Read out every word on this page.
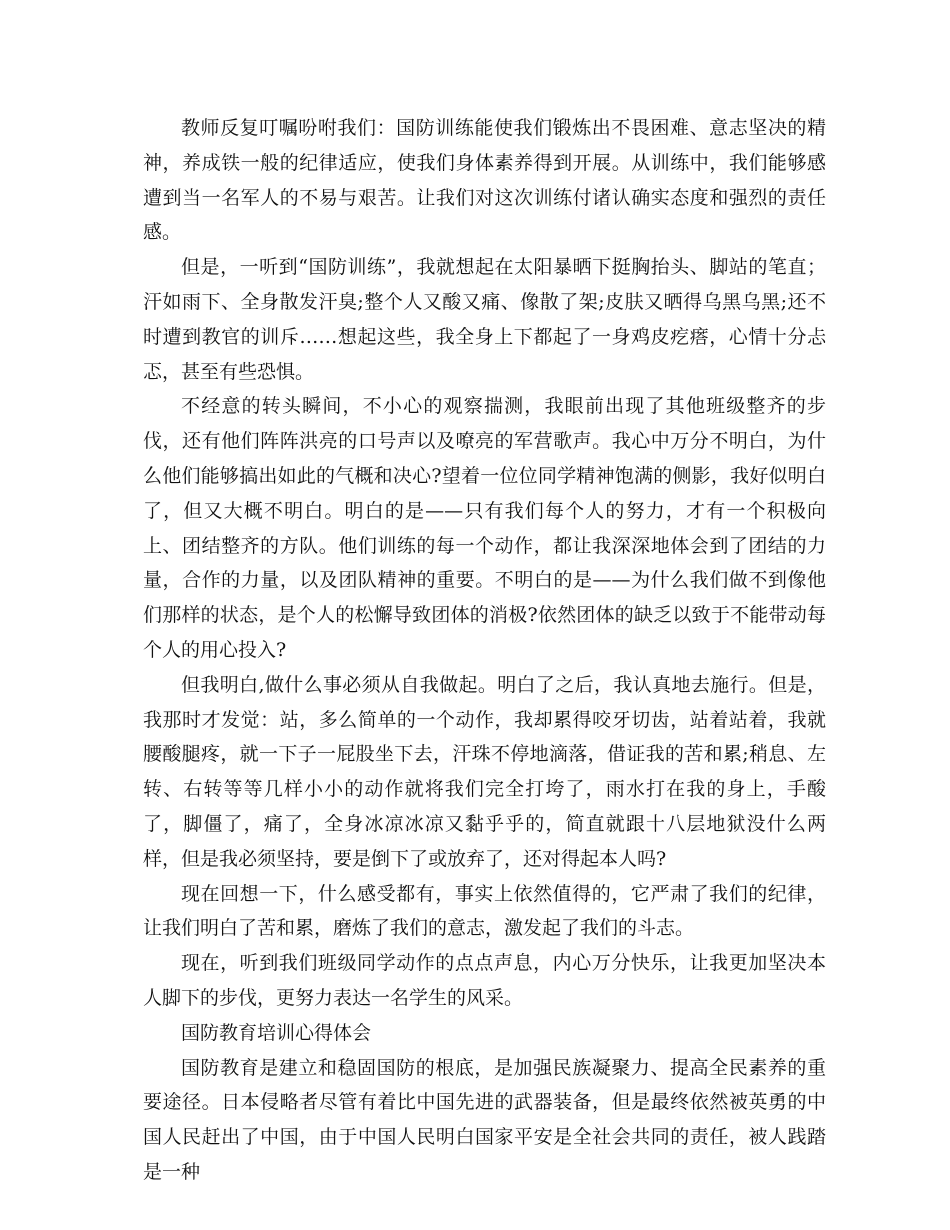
教师反复叮嘱吩咐我们：国防训练能使我们锻炼出不畏困难、意志坚决的精神，养成铁一般的纪律适应，使我们身体素养得到开展。从训练中，我们能够感遭到当一名军人的不易与艰苦。让我们对这次训练付诸认确实态度和强烈的责任感。

但是，一听到“国防训练”，我就想起在太阳暴晒下挺胸抬头、脚站的笔直；汗如雨下、全身散发汗臭;整个人又酸又痛、像散了架;皮肤又晒得乌黑乌黑;还不时遭到教官的训斥……想起这些，我全身上下都起了一身鸡皮疙瘩，心情十分忐忑，甚至有些恐惧。

不经意的转头瞬间，不小心的观察揣测，我眼前出现了其他班级整齐的步伐，还有他们阵阵洪亮的口号声以及嘹亮的军营歌声。我心中万分不明白，为什么他们能够搞出如此的气概和决心?望着一位位同学精神饱满的侧影，我好似明白了，但又大概不明白。明白的是——只有我们每个人的努力，才有一个积极向上、团结整齐的方队。他们训练的每一个动作，都让我深深地体会到了团结的力量，合作的力量，以及团队精神的重要。不明白的是——为什么我们做不到像他们那样的状态，是个人的松懈导致团体的消极?依然团体的缺乏以致于不能带动每个人的用心投入?

但我明白,做什么事必须从自我做起。明白了之后，我认真地去施行。但是，我那时才发觉：站，多么简单的一个动作，我却累得咬牙切齿，站着站着，我就腰酸腿疼，就一下子一屁股坐下去，汗珠不停地滴落，借证我的苦和累;稍息、左转、右转等等几样小小的动作就将我们完全打垮了，雨水打在我的身上，手酸了，脚僵了，痛了，全身冰凉冰凉又黏乎乎的，简直就跟十八层地狱没什么两样，但是我必须坚持，要是倒下了或放弃了，还对得起本人吗?

现在回想一下，什么感受都有，事实上依然值得的，它严肃了我们的纪律，让我们明白了苦和累，磨炼了我们的意志，激发起了我们的斗志。

现在，听到我们班级同学动作的点点声息，内心万分快乐，让我更加坚决本人脚下的步伐，更努力表达一名学生的风采。

国防教育培训心得体会

国防教育是建立和稳固国防的根底，是加强民族凝聚力、提高全民素养的重要途径。日本侵略者尽管有着比中国先进的武器装备，但是最终依然被英勇的中国人民赶出了中国，由于中国人民明白国家平安是全社会共同的责任，被人践踏是一种
